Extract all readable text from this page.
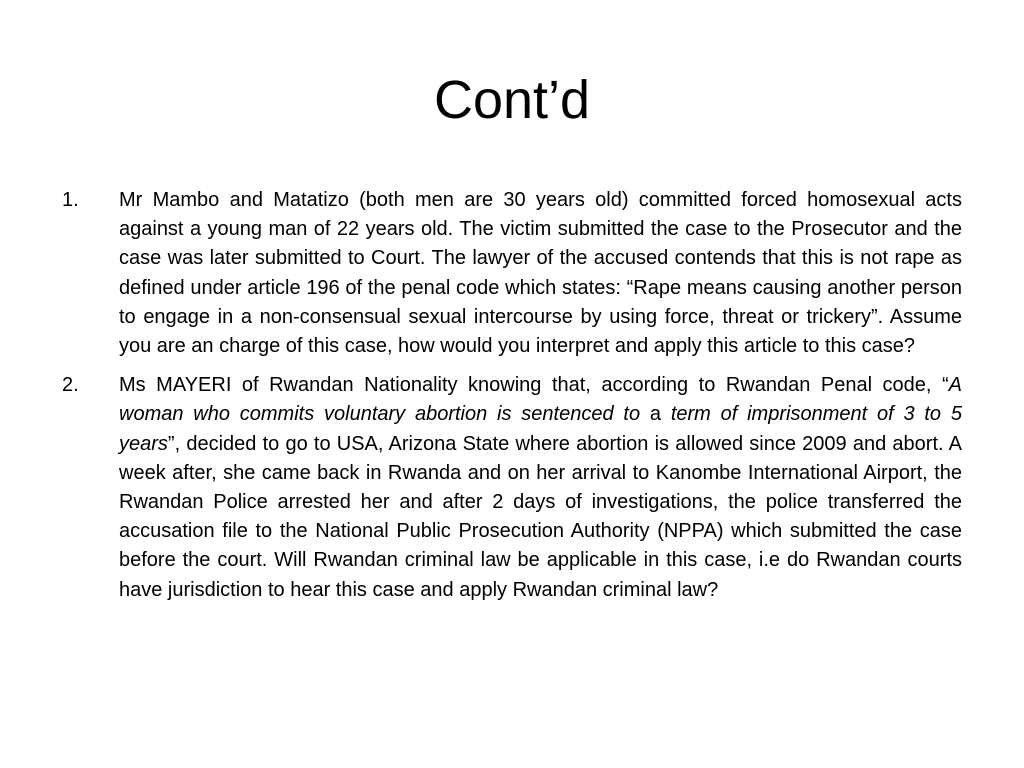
Cont’d
1.	Mr Mambo and Matatizo (both men are 30 years old) committed forced homosexual acts against a young man of 22 years old. The victim submitted the case to the Prosecutor and the case was later submitted to Court. The lawyer of the accused contends that this is not rape as defined under article 196 of the penal code which states: “Rape means causing another person to engage in a non-consensual sexual intercourse by using force, threat or trickery”. Assume you are an charge of this case, how would you interpret and apply this article to this case?

2.	Ms MAYERI of Rwandan Nationality knowing that, according to Rwandan Penal code, “A woman who commits voluntary abortion is sentenced to a term of imprisonment of 3 to 5 years”, decided to go to USA, Arizona State where abortion is allowed since 2009 and abort. A week after, she came back in Rwanda and on her arrival to Kanombe International Airport, the Rwandan Police arrested her and after 2 days of investigations, the police transferred the accusation file to the National Public Prosecution Authority (NPPA) which submitted the case before the court. Will Rwandan criminal law be applicable in this case, i.e do Rwandan courts have jurisdiction to hear this case and apply Rwandan criminal law?
